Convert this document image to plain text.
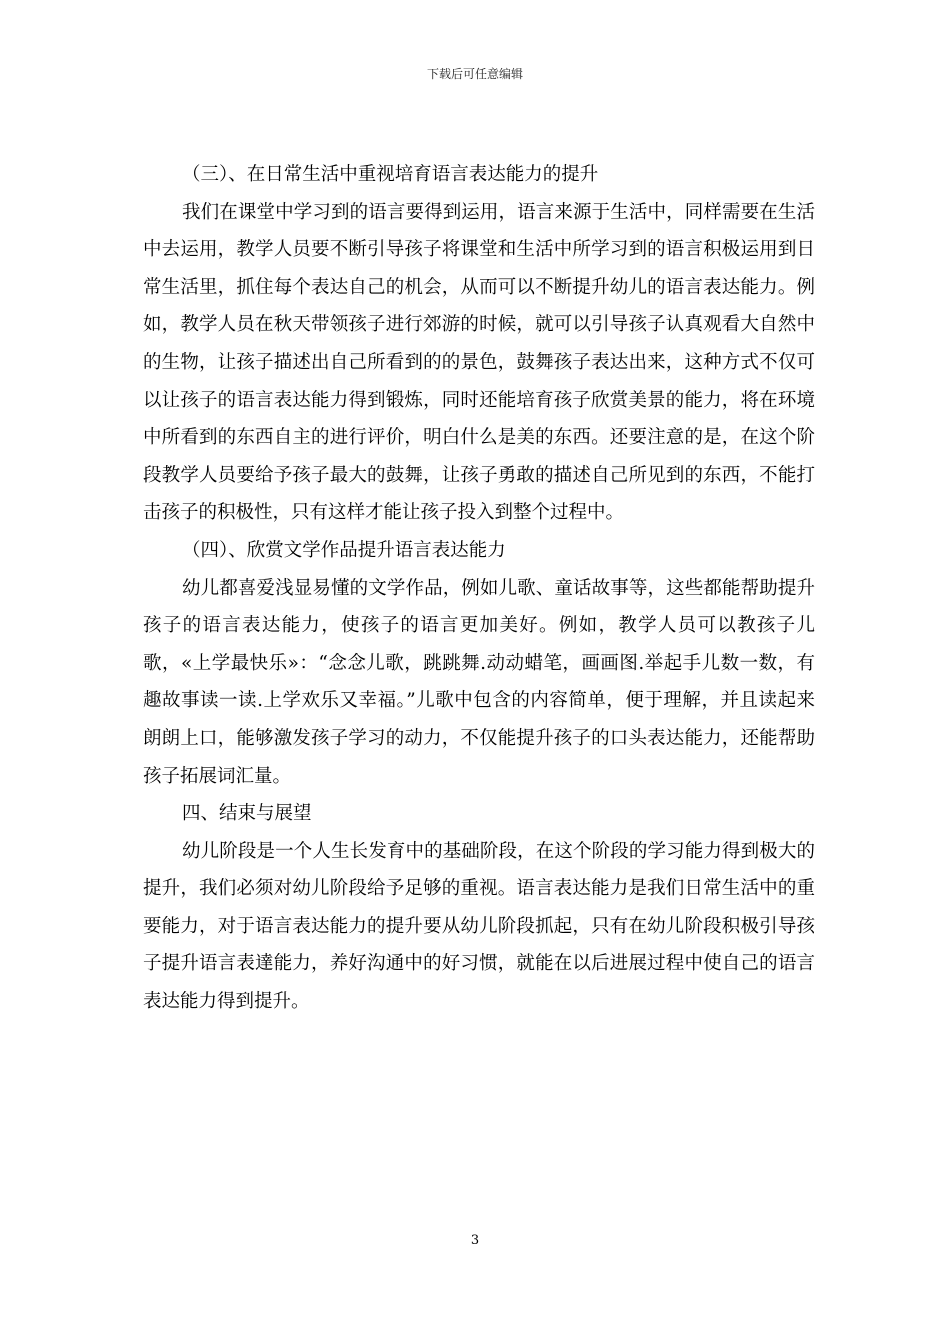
下载后可任意编辑

（三）、在日常生活中重视培育语言表达能力的提升

我们在课堂中学习到的语言要得到运用，语言来源于生活中，同样需要在生活中去运用，教学人员要不断引导孩子将课堂和生活中所学习到的语言积极运用到日常生活里，抓住每个表达自己的机会，从而可以不断提升幼儿的语言表达能力。例如，教学人员在秋天带领孩子进行郊游的时候，就可以引导孩子认真观看大自然中的生物，让孩子描述出自己所看到的的景色，鼓舞孩子表达出来，这种方式不仅可以让孩子的语言表达能力得到锻炼，同时还能培育孩子欣赏美景的能力，将在环境中所看到的东西自主的进行评价，明白什么是美的东西。还要注意的是，在这个阶段教学人员要给予孩子最大的鼓舞，让孩子勇敢的描述自己所见到的东西，不能打击孩子的积极性，只有这样才能让孩子投入到整个过程中。

（四）、欣赏文学作品提升语言表达能力

幼儿都喜爱浅显易懂的文学作品，例如儿歌、童话故事等，这些都能帮助提升孩子的语言表达能力，使孩子的语言更加美好。例如，教学人员可以教孩子儿歌，«上学最快乐»：“念念儿歌，跳跳舞.动动蜡笔，画画图.举起手儿数一数，有趣故事读一读.上学欢乐又幸福。”儿歌中包含的内容简单，便于理解，并且读起来朗朗上口，能够激发孩子学习的动力，不仅能提升孩子的口头表达能力，还能帮助孩子拓展词汇量。

四、结束与展望

幼儿阶段是一个人生长发育中的基础阶段，在这个阶段的学习能力得到极大的提升，我们必须对幼儿阶段给予足够的重视。语言表达能力是我们日常生活中的重要能力，对于语言表达能力的提升要从幼儿阶段抓起，只有在幼儿阶段积极引导孩子提升语言表達能力，养好沟通中的好习惯，就能在以后进展过程中使自己的语言表达能力得到提升。

3
